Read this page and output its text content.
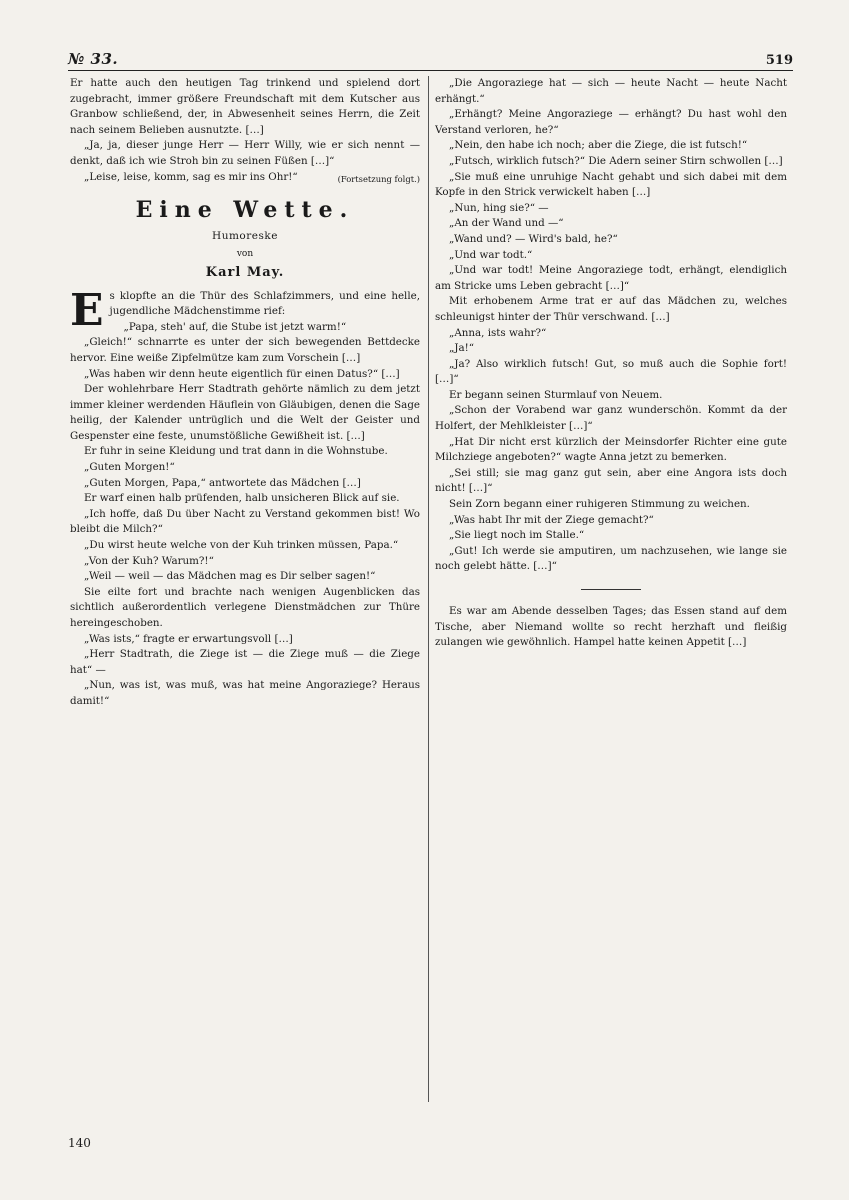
№ 33.	519

Er hatte auch den heutigen Tag trinkend und spielend dort zugebracht, immer größere Freundschaft mit dem Kutscher aus Granbow schließend, der, in Abwesenheit seines Herrn, die Zeit nach seinem Belieben ausnutzte. […]

„Ja, ja, dieser junge Herr — Herr Willy, wie er sich nennt — denkt, daß ich wie Stroh bin zu seinen Füßen […]“

„Leise, leise, komm, sag es mir ins Ohr!“	(Fortsetzung folgt.)

Eine Wette.
Humoreske
von
Karl May.

E s klopfte an die Thür des Schlafzimmers, und eine helle, jugendliche Mädchenstimme rief:

„Papa, steh' auf, die Stube ist jetzt warm!“

„Gleich!“ schnarrte es unter der sich bewegenden Bettdecke hervor. Eine weiße Zipfelmütze kam zum Vorschein […]

„Was haben wir denn heute eigentlich für einen Datus?“ […]

Der wohlehrbare Herr Stadtrath gehörte nämlich zu dem jetzt immer kleiner werdenden Häuflein von Gläubigen, denen die Sage heilig, der Kalender untrüglich und die Welt der Geister und Gespenster eine feste, unumstößliche Gewißheit ist. […]

Er fuhr in seine Kleidung und trat dann in die Wohnstube.

„Guten Morgen!“

„Guten Morgen, Papa,“ antwortete das Mädchen […]

Er warf einen halb prüfenden, halb unsicheren Blick auf sie.

„Ich hoffe, daß Du über Nacht zu Verstand gekommen bist! Wo bleibt die Milch?“

„Du wirst heute welche von der Kuh trinken müssen, Papa.“

„Von der Kuh? Warum?!“

„Weil — weil — das Mädchen mag es Dir selber sagen!“

Sie eilte fort und brachte nach wenigen Augenblicken das sichtlich außerordentlich verlegene Dienstmädchen zur Thüre hereingeschoben.

„Was ists,“ fragte er erwartungsvoll […]

„Herr Stadtrath, die Ziege ist — die Ziege muß — die Ziege hat“ —

„Nun, was ist, was muß, was hat meine Angoraziege? Heraus damit!“

„Die Angoraziege hat — sich — heute Nacht — heute Nacht erhängt.“

„Erhängt? Meine Angoraziege — erhängt? Du hast wohl den Verstand verloren, he?“

„Nein, den habe ich noch; aber die Ziege, die ist futsch!“

„Futsch, wirklich futsch?“ Die Adern seiner Stirn schwollen […]

„Sie muß eine unruhige Nacht gehabt und sich dabei mit dem Kopfe in den Strick verwickelt haben […]

„Nun, hing sie?“ —

„An der Wand und —“

„Wand und? — Wird's bald, he?“

„Und war todt.“

„Und war todt! Meine Angoraziege todt, erhängt, elendiglich am Stricke ums Leben gebracht […]“

Mit erhobenem Arme trat er auf das Mädchen zu, welches schleunigst hinter der Thür verschwand. […]

„Anna, ists wahr?“

„Ja!“

„Ja? Also wirklich futsch! Gut, so muß auch die Sophie fort! […]“

Er begann seinen Sturmlauf von Neuem.

„Schon der Vorabend war ganz wunderschön. Kommt da der Holfert, der Mehlkleister […]“

„Hat Dir nicht erst kürzlich der Meinsdorfer Richter eine gute Milchziege angeboten?“ wagte Anna jetzt zu bemerken.

„Sei still; sie mag ganz gut sein, aber eine Angora ists doch nicht! […]“

Sein Zorn begann einer ruhigeren Stimmung zu weichen.

„Was habt Ihr mit der Ziege gemacht?“

„Sie liegt noch im Stalle.“

„Gut! Ich werde sie amputiren, um nachzusehen, wie lange sie noch gelebt hätte. […]“

Es war am Abende desselben Tages; das Essen stand auf dem Tische, aber Niemand wollte so recht herzhaft und fleißig zulangen wie gewöhnlich. Hampel hatte keinen Appetit […]

140
